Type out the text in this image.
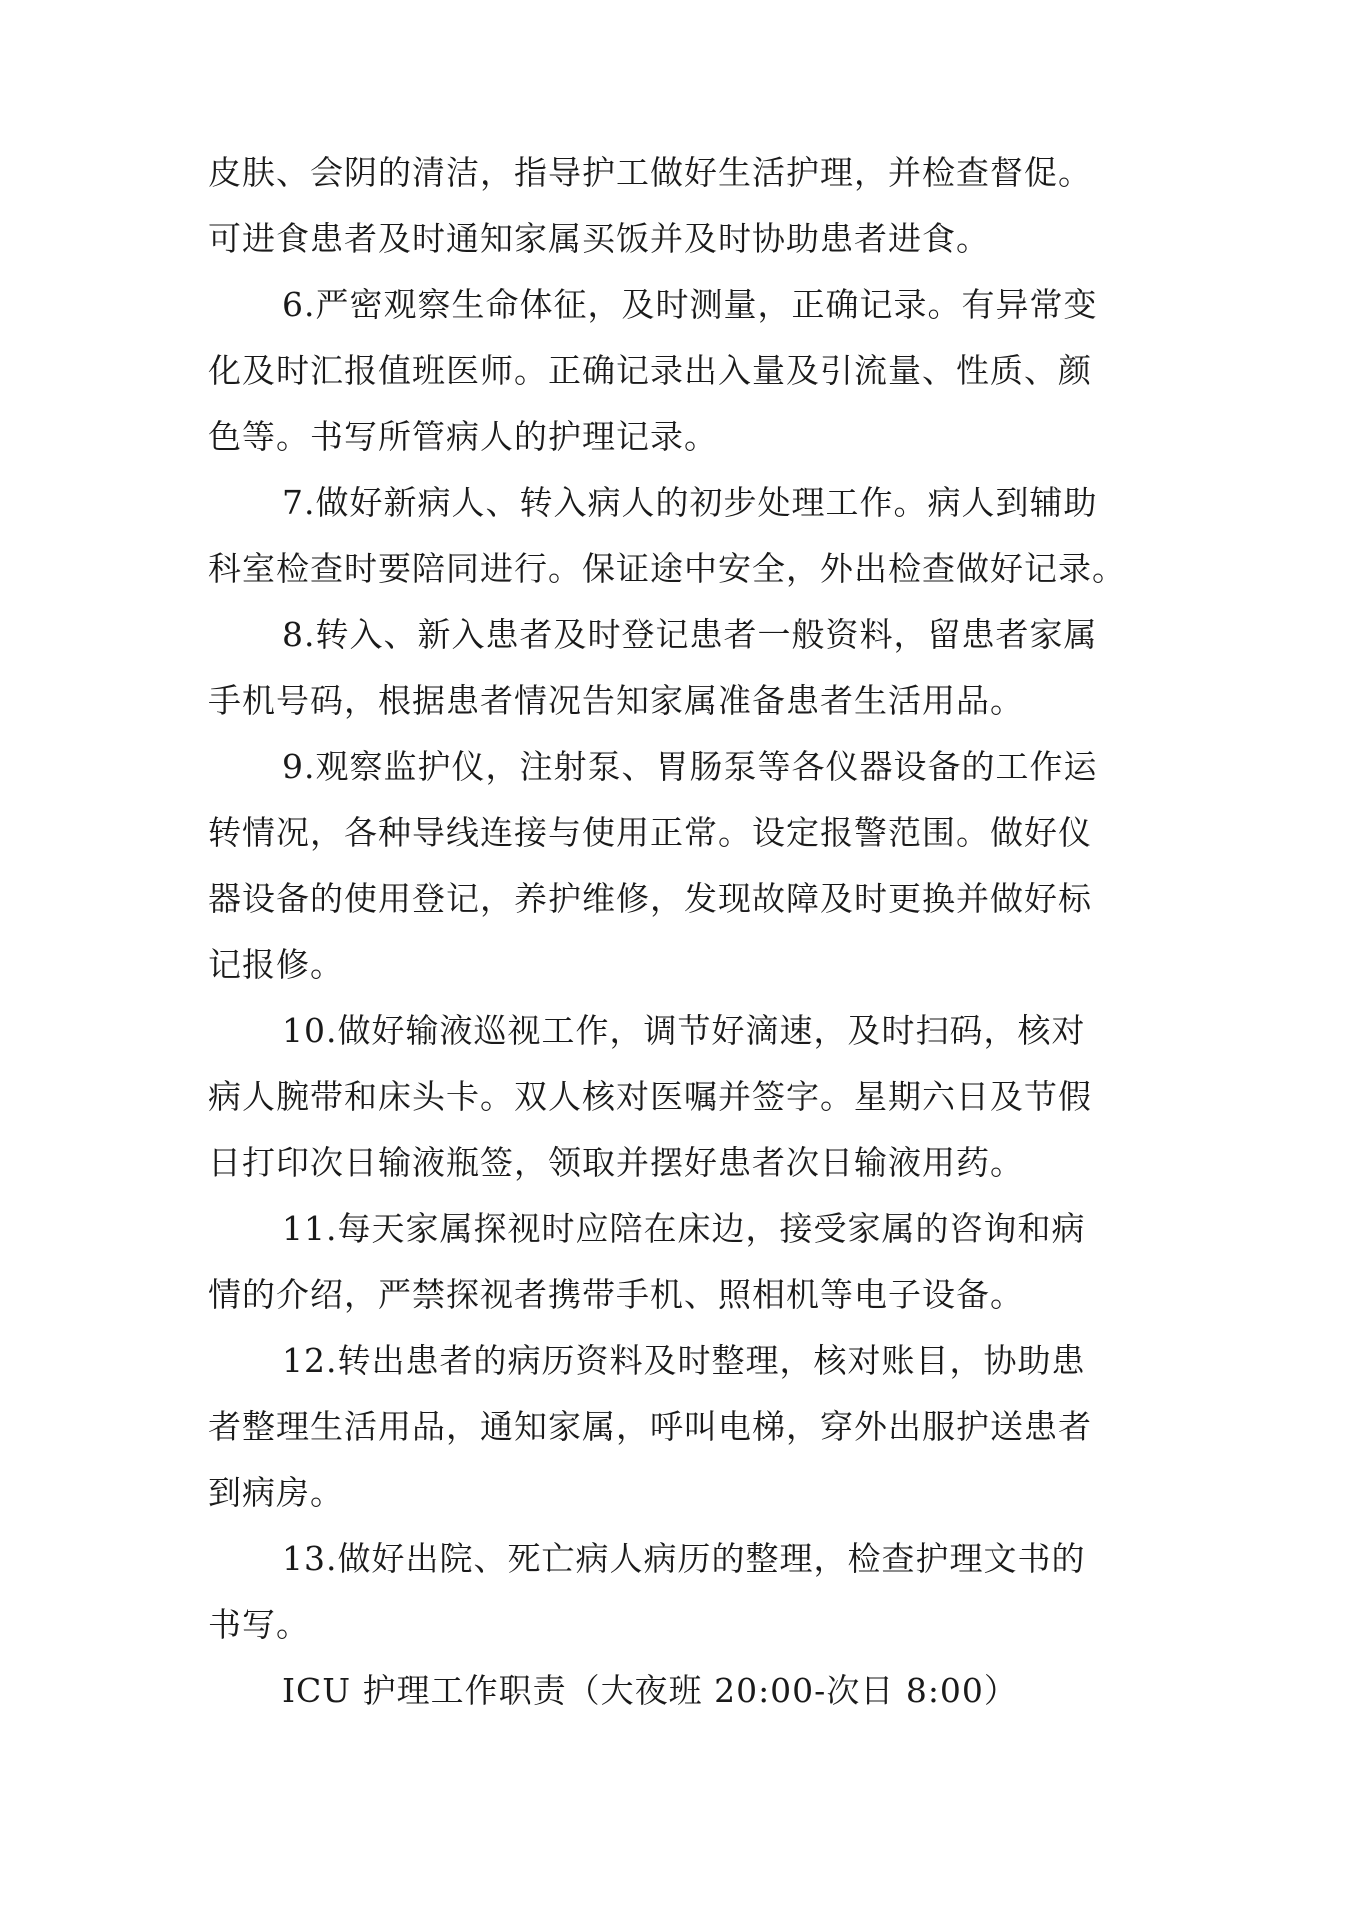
皮肤、会阴的清洁，指导护工做好生活护理，并检查督促。
可进食患者及时通知家属买饭并及时协助患者进食。
6.严密观察生命体征，及时测量，正确记录。有异常变
化及时汇报值班医师。正确记录出入量及引流量、性质、颜
色等。书写所管病人的护理记录。
7.做好新病人、转入病人的初步处理工作。病人到辅助
科室检查时要陪同进行。保证途中安全，外出检查做好记录。
8.转入、新入患者及时登记患者一般资料，留患者家属
手机号码，根据患者情况告知家属准备患者生活用品。
9.观察监护仪，注射泵、胃肠泵等各仪器设备的工作运
转情况，各种导线连接与使用正常。设定报警范围。做好仪
器设备的使用登记，养护维修，发现故障及时更换并做好标
记报修。
10.做好输液巡视工作，调节好滴速，及时扫码，核对
病人腕带和床头卡。双人核对医嘱并签字。星期六日及节假
日打印次日输液瓶签，领取并摆好患者次日输液用药。
11.每天家属探视时应陪在床边，接受家属的咨询和病
情的介绍，严禁探视者携带手机、照相机等电子设备。
12.转出患者的病历资料及时整理，核对账目，协助患
者整理生活用品，通知家属，呼叫电梯，穿外出服护送患者
到病房。
13.做好出院、死亡病人病历的整理，检查护理文书的
书写。
ICU 护理工作职责（大夜班 20:00-次日 8:00）
